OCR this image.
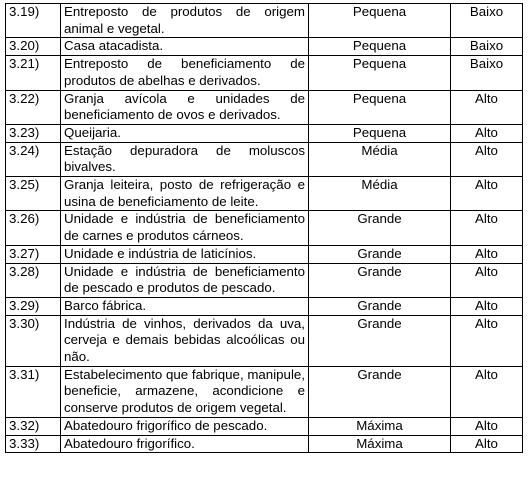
3.19)	Entreposto de produtos de origem animal e vegetal.	Pequena	Baixo
3.20)	Casa atacadista.	Pequena	Baixo
3.21)	Entreposto de beneficiamento de produtos de abelhas e derivados.	Pequena	Baixo
3.22)	Granja avícola e unidades de beneficiamento de ovos e derivados.	Pequena	Alto
3.23)	Queijaria.	Pequena	Alto
3.24)	Estação depuradora de moluscos bivalves.	Média	Alto
3.25)	Granja leiteira, posto de refrigeração e usina de beneficiamento de leite.	Média	Alto
3.26)	Unidade e indústria de beneficiamento de carnes e produtos cárneos.	Grande	Alto
3.27)	Unidade e indústria de laticínios.	Grande	Alto
3.28)	Unidade e indústria de beneficiamento de pescado e produtos de pescado.	Grande	Alto
3.29)	Barco fábrica.	Grande	Alto
3.30)	Indústria de vinhos, derivados da uva, cerveja e demais bebidas alcoólicas ou não.	Grande	Alto
3.31)	Estabelecimento que fabrique, manipule, beneficie, armazene, acondicione e conserve produtos de origem vegetal.	Grande	Alto
3.32)	Abatedouro frigorífico de pescado.	Máxima	Alto
3.33)	Abatedouro frigorífico.	Máxima	Alto
